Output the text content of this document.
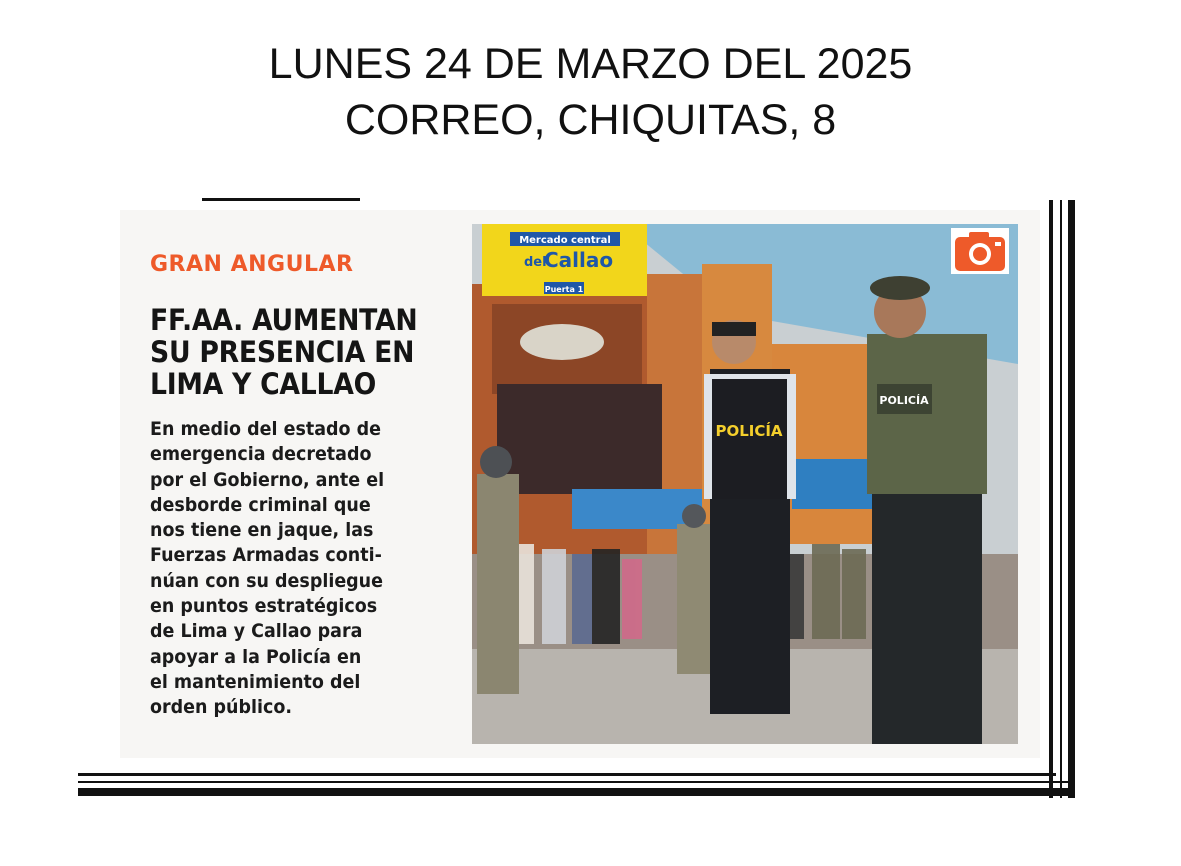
LUNES 24 DE MARZO DEL 2025
CORREO, CHIQUITAS, 8
GRAN ANGULAR
FF.AA. AUMENTAN
SU PRESENCIA EN
LIMA Y CALLAO
En medio del estado de
emergencia decretado
por el Gobierno, ante el
desborde criminal que
nos tiene en jaque, las
Fuerzas Armadas conti-
núan con su despliegue
en puntos estratégicos
de Lima y Callao para
apoyar a la Policía en
el mantenimiento del
orden público.
Mercado central
del
Callao
Puerta 1
POLICÍA
POLICÍA
